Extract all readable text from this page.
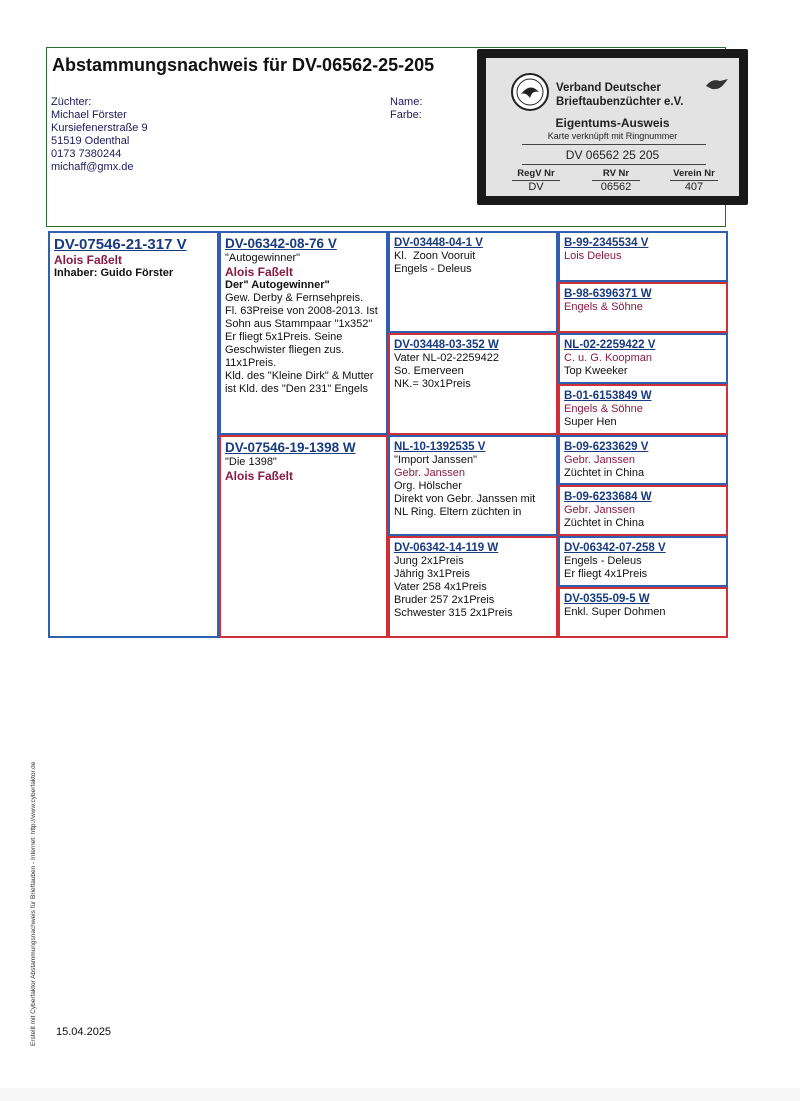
Abstammungsnachweis für DV-06562-25-205
Züchter:
Michael Förster
Kursiefenerstraße 9
51519 Odenthal
0173 7380244
michaff@gmx.de
Name:
Farbe:
Verband Deutscher
Brieftaubenzüchter e.V.
Eigentums-Ausweis
Karte verknüpft mit Ringnummer
DV 06562 25 205
RegV Nr	RV Nr	Verein Nr
DV	06562	407
DV-07546-21-317 V
Alois Faßelt
Inhaber: Guido Förster
DV-06342-08-76 V
"Autogewinner"
Alois Faßelt
Der" Autogewinner"
Gew. Derby & Fernsehpreis.
Fl. 63Preise von 2008-2013. Ist
Sohn aus Stammpaar "1x352"
Er fliegt 5x1Preis. Seine
Geschwister fliegen zus.
11x1Preis.
Kld. des "Kleine Dirk" & Mutter
ist Kld. des "Den 231" Engels
DV-03448-04-1 V
Kl.  Zoon Vooruit
Engels - Deleus
B-99-2345534 V
Lois Deleus
B-98-6396371 W
Engels & Söhne
DV-03448-03-352 W
Vater NL-02-2259422
So. Emerveen
NK.= 30x1Preis
NL-02-2259422 V
C. u. G. Koopman
Top Kweeker
B-01-6153849 W
Engels & Söhne
Super Hen
DV-07546-19-1398 W
"Die 1398"
Alois Faßelt
NL-10-1392535 V
"Import Janssen"
Gebr. Janssen
Org. Hölscher
Direkt von Gebr. Janssen mit
NL Ring. Eltern züchten in
B-09-6233629 V
Gebr. Janssen
Züchtet in China
B-09-6233684 W
Gebr. Janssen
Züchtet in China
DV-06342-14-119 W
Jung 2x1Preis
Jährig 3x1Preis
Vater 258 4x1Preis
Bruder 257 2x1Preis
Schwester 315 2x1Preis
DV-06342-07-258 V
Engels - Deleus
Er fliegt 4x1Preis
DV-0355-09-5 W
Enkl. Super Dohmen
Erstellt mit Cyberfaktor Abstammungsnachweis für Brieftauben - Internet: http://www.cyberfaktor.de 15.04.2025
